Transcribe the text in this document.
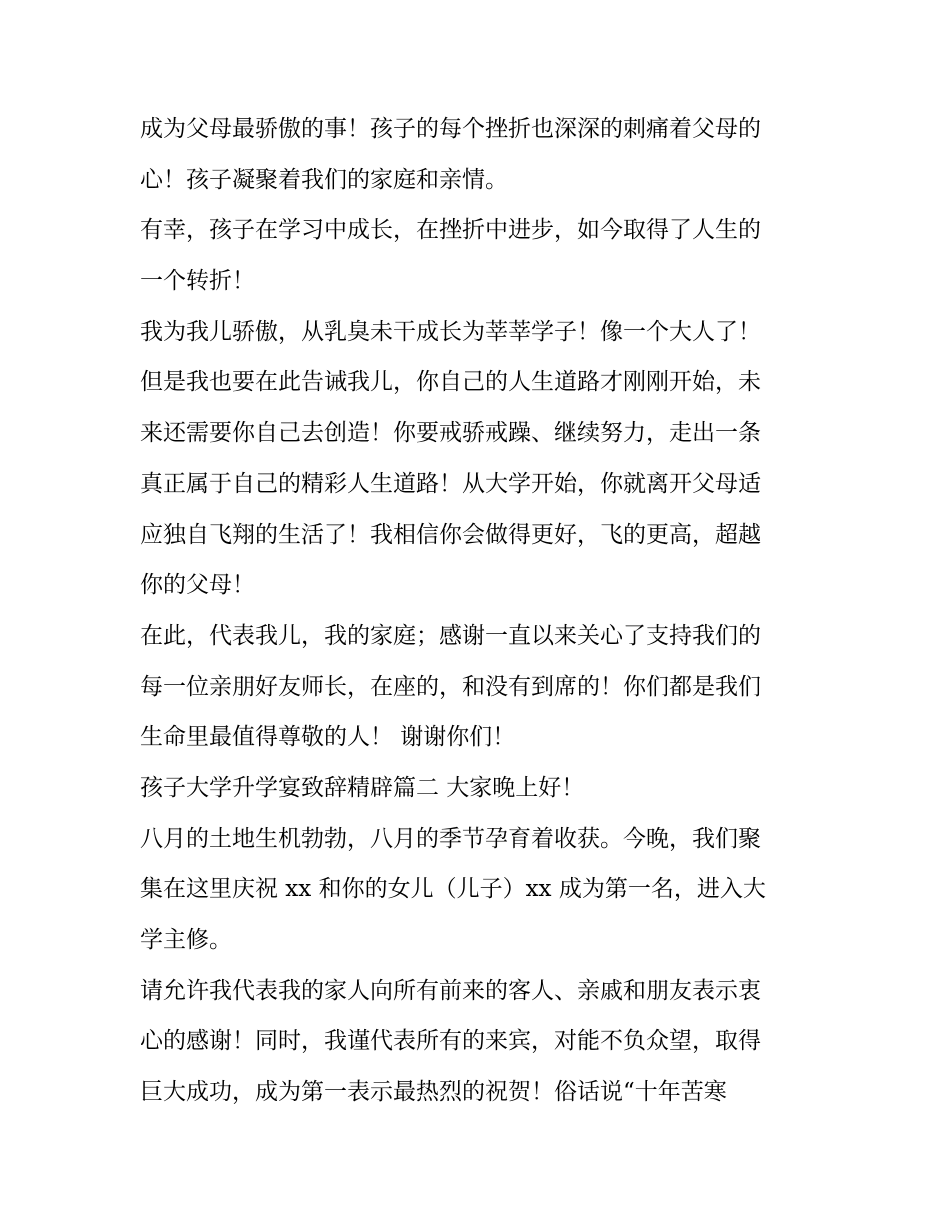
成为父母最骄傲的事！孩子的每个挫折也深深的刺痛着父母的
心！孩子凝聚着我们的家庭和亲情。
有幸，孩子在学习中成长，在挫折中进步，如今取得了人生的
一个转折！
我为我儿骄傲，从乳臭未干成长为莘莘学子！像一个大人了！
但是我也要在此告诫我儿，你自己的人生道路才刚刚开始，未
来还需要你自己去创造！你要戒骄戒躁、继续努力，走出一条
真正属于自己的精彩人生道路！从大学开始，你就离开父母适
应独自飞翔的生活了！我相信你会做得更好，飞的更高，超越
你的父母！
在此，代表我儿，我的家庭；感谢一直以来关心了支持我们的
每一位亲朋好友师长，在座的，和没有到席的！你们都是我们
生命里最值得尊敬的人！ 谢谢你们！
孩子大学升学宴致辞精辟篇二 大家晚上好！
八月的土地生机勃勃，八月的季节孕育着收获。今晚，我们聚
集在这里庆祝 xx 和你的女儿（儿子）xx 成为第一名，进入大
学主修。
请允许我代表我的家人向所有前来的客人、亲戚和朋友表示衷
心的感谢！同时，我谨代表所有的来宾，对能不负众望，取得
巨大成功，成为第一表示最热烈的祝贺！俗话说“十年苦寒
